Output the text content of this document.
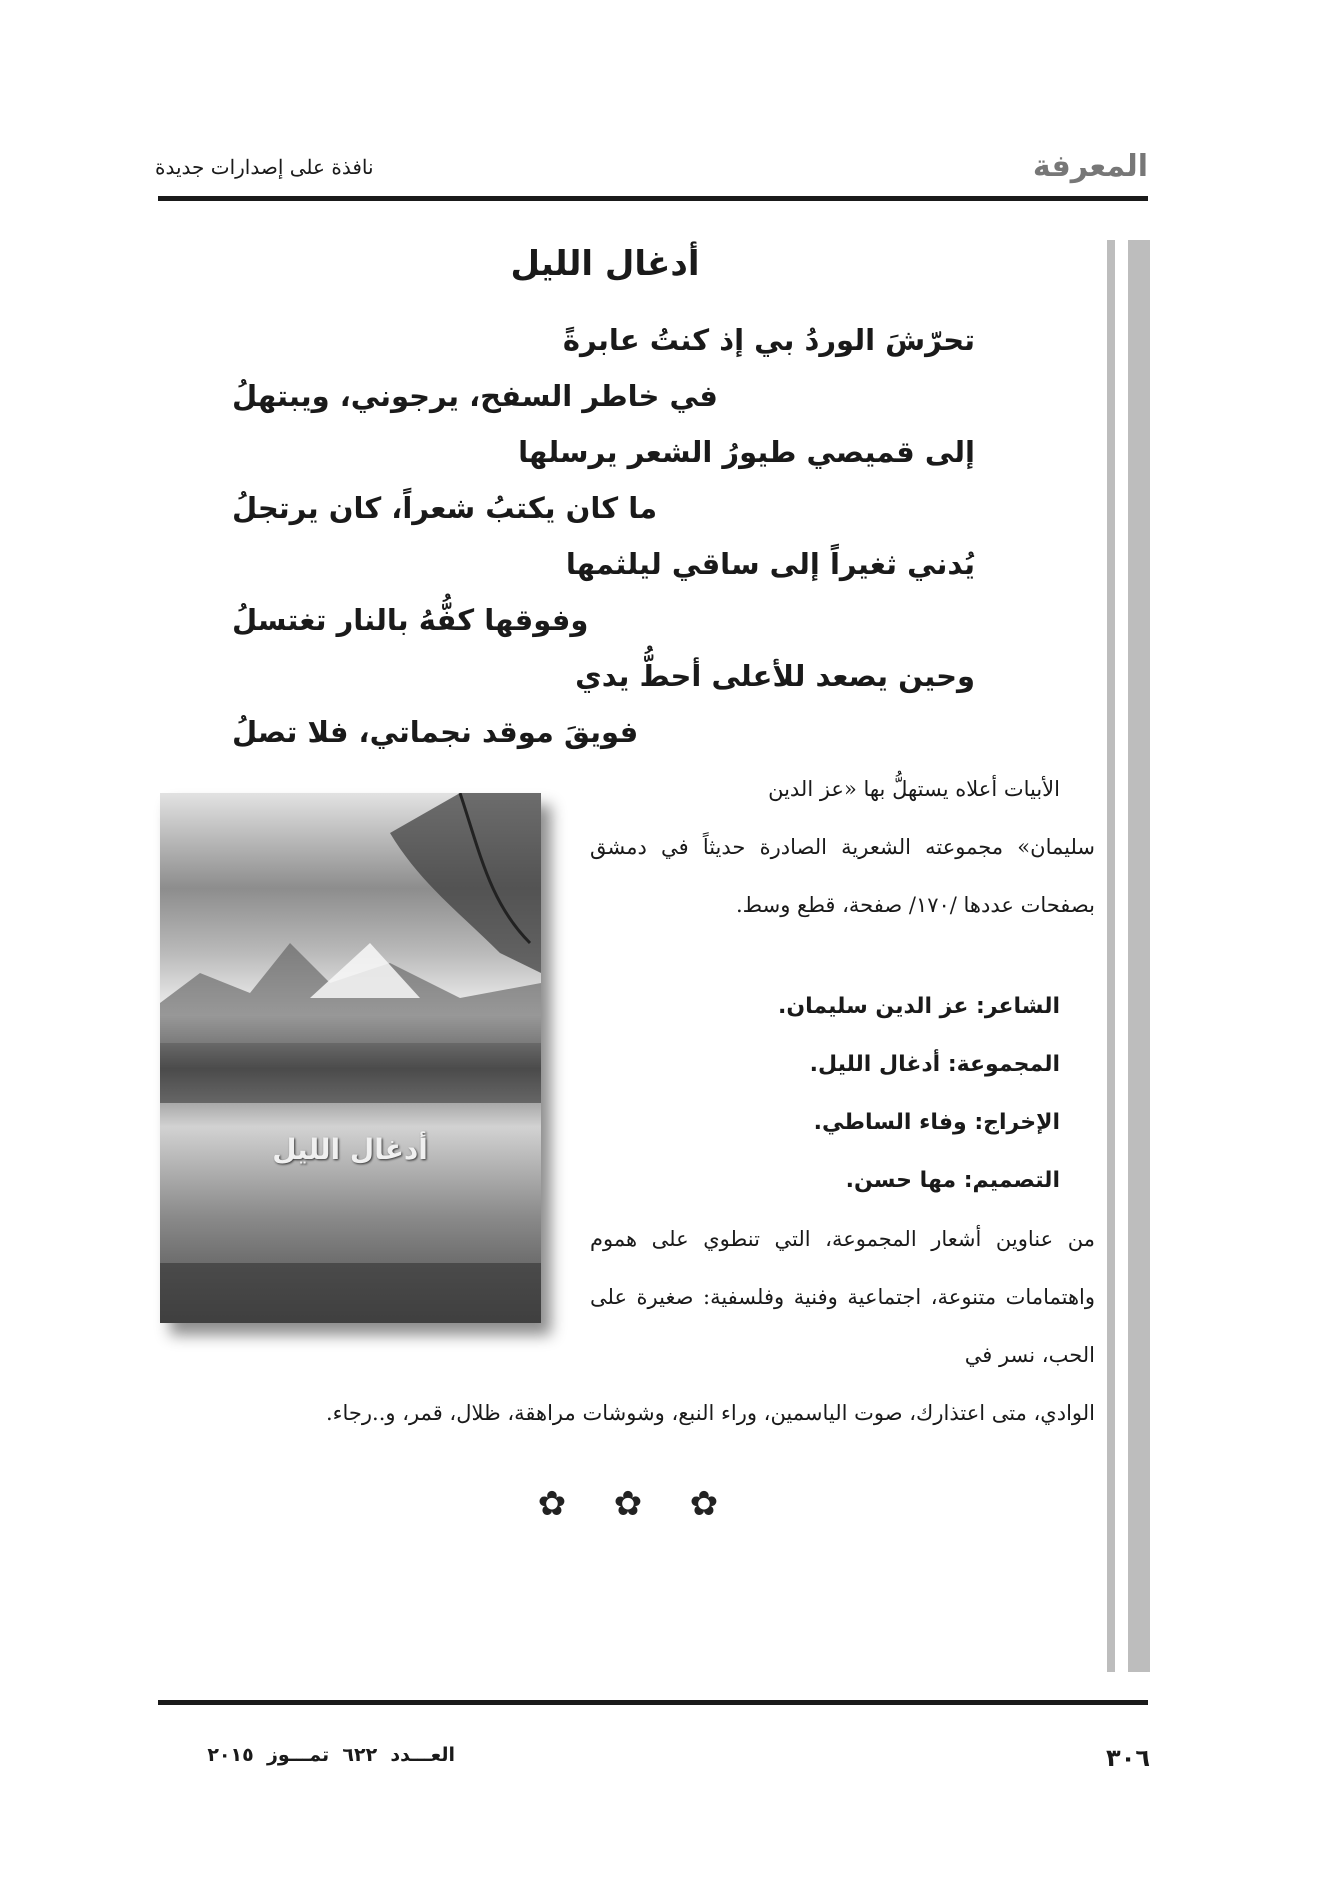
المعرفة
نافذة على إصدارات جديدة
أدغال الليل
تحرّشَ الوردُ بي إذ كنتُ عابرةً
في خاطر السفح، يرجوني، ويبتهلُ
إلى قميصي طيورُ الشعر يرسلها
ما كان يكتبُ شعراً، كان يرتجلُ
يُدني ثغيراً إلى ساقي ليلثمها
وفوقها كفُّهُ بالنار تغتسلُ
وحين يصعد للأعلى أحطُّ يدي
فويقَ موقد نجماتي، فلا تصلُ
أدغال الليل
الأبيات أعلاه يستهلُّ بها «عز الدين
سليمان» مجموعته الشعرية الصادرة حديثاً في دمشق بصفحات عددها /١٧٠/ صفحة، قطع وسط.
الشاعر: عز الدين سليمان.
المجموعة: أدغال الليل.
الإخراج: وفاء الساطي.
التصميم: مها حسن.
من عناوين أشعار المجموعة، التي تنطوي على هموم واهتمامات متنوعة، اجتماعية وفنية وفلسفية: صغيرة على الحب، نسر في
الوادي، متى اعتذارك، صوت الياسمين، وراء النبع، وشوشات مراهقة، ظلال، قمر، و..رجاء.
✿ ✿ ✿
٣٠٦
العـــدد  ٦٢٢  تمـــوز  ٢٠١٥
